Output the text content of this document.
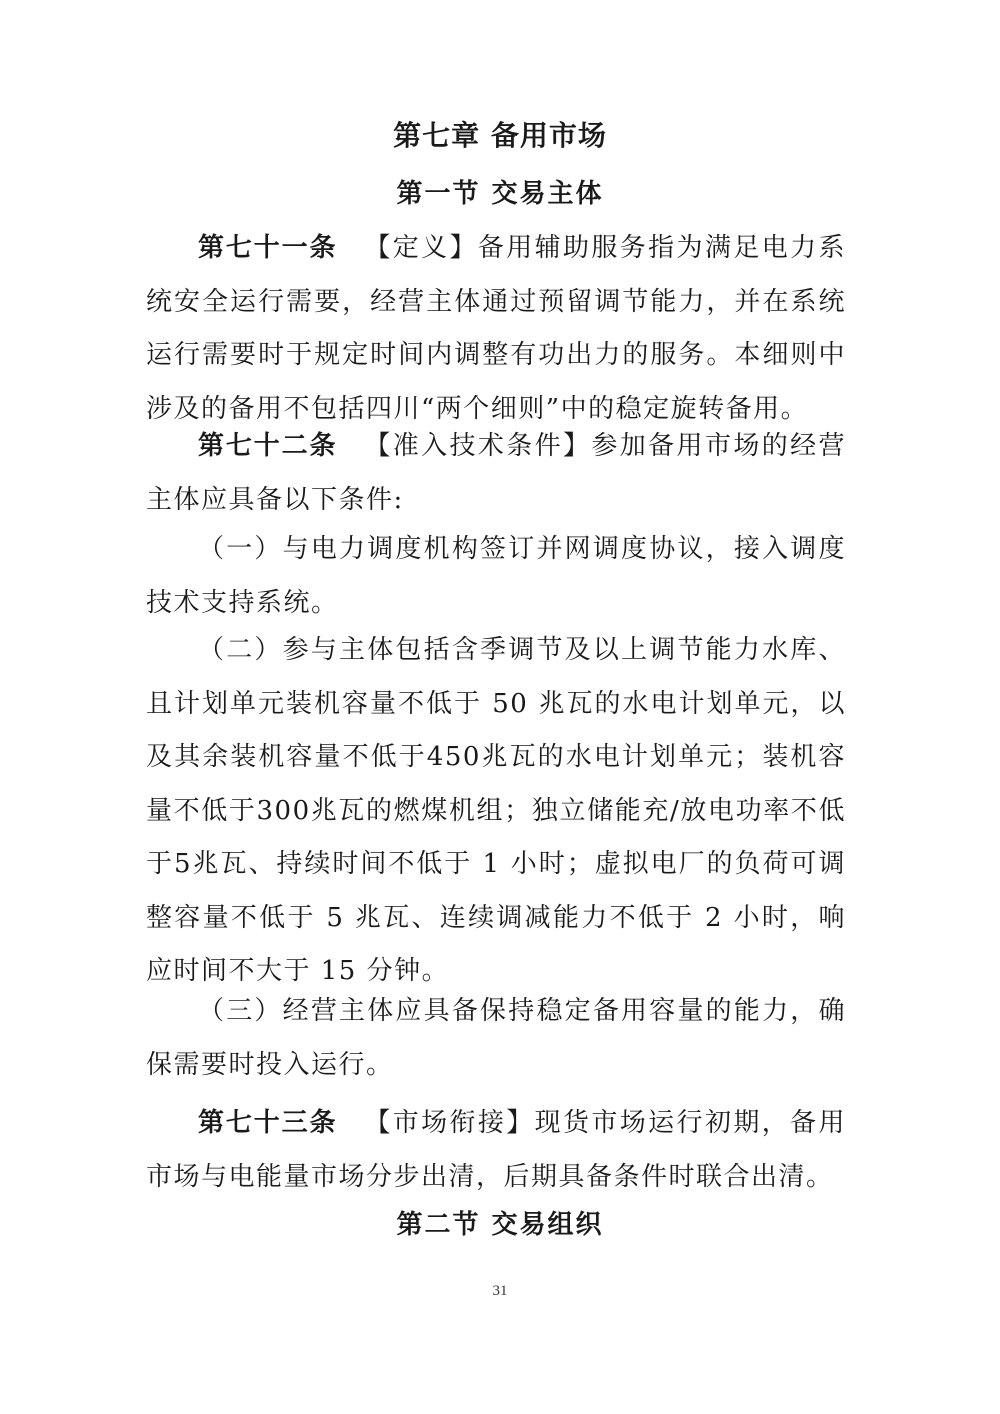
第七章 备用市场
第一节 交易主体

第七十一条 【定义】备用辅助服务指为满足电力系统安全运行需要，经营主体通过预留调节能力，并在系统运行需要时于规定时间内调整有功出力的服务。本细则中涉及的备用不包括四川“两个细则”中的稳定旋转备用。

第七十二条 【准入技术条件】参加备用市场的经营主体应具备以下条件:

（一）与电力调度机构签订并网调度协议，接入调度技术支持系统。

（二）参与主体包括含季调节及以上调节能力水库、且计划单元装机容量不低于 50 兆瓦的水电计划单元，以及其余装机容量不低于450兆瓦的水电计划单元；装机容量不低于300兆瓦的燃煤机组；独立储能充/放电功率不低于5兆瓦、持续时间不低于 1 小时；虚拟电厂的负荷可调整容量不低于 5 兆瓦、连续调减能力不低于 2 小时，响应时间不大于 15 分钟。

（三）经营主体应具备保持稳定备用容量的能力，确保需要时投入运行。

第七十三条 【市场衔接】现货市场运行初期，备用市场与电能量市场分步出清，后期具备条件时联合出清。

第二节 交易组织
31
